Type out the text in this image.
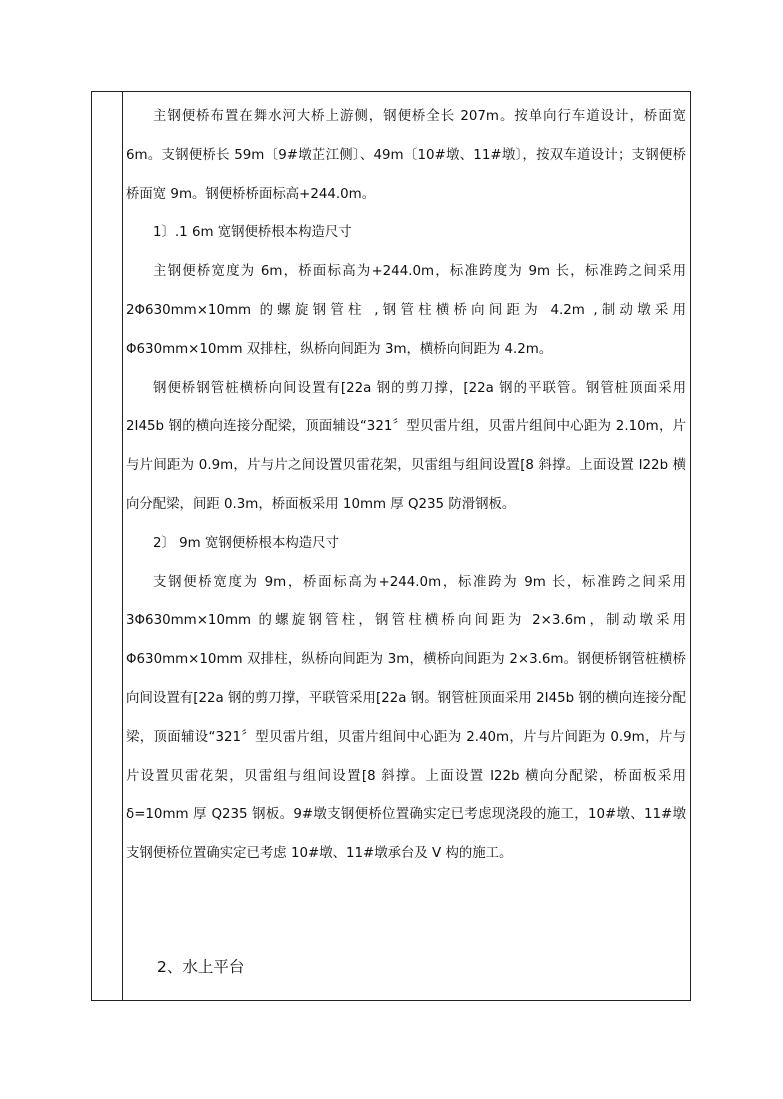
主钢便桥布置在舞水河大桥上游侧，钢便桥全长 207m。按单向行车道设计，桥面宽6m。支钢便桥长 59m〔9#墩芷江侧〕、49m〔10#墩、11#墩〕，按双车道设计；支钢便桥桥面宽 9m。钢便桥桥面标高+244.0m。

1〕.1 6m 宽钢便桥根本构造尺寸

主钢便桥宽度为 6m，桥面标高为+244.0m，标准跨度为 9m 长，标准跨之间采用 2Φ630mm×10mm 的螺旋钢管柱 ,钢管柱横桥向间距为 4.2m ,制动墩采用Φ630mm×10mm 双排柱，纵桥向间距为 3m，横桥向间距为 4.2m。

钢便桥钢管桩横桥向间设置有[22a 钢的剪刀撑，[22a 钢的平联管。钢管桩顶面采用 2I45b 钢的横向连接分配梁，顶面辅设“321〞型贝雷片组，贝雷片组间中心距为 2.10m，片与片间距为 0.9m，片与片之间设置贝雷花架，贝雷组与组间设置[8 斜撑。上面设置 I22b 横向分配梁，间距 0.3m，桥面板采用 10mm 厚 Q235 防滑钢板。

2〕 9m 宽钢便桥根本构造尺寸

支钢便桥宽度为 9m，桥面标高为+244.0m，标准跨为 9m 长，标准跨之间采用 3Φ630mm×10mm 的螺旋钢管柱，钢管柱横桥向间距为 2×3.6m，制动墩采用Φ630mm×10mm 双排柱，纵桥向间距为 3m，横桥向间距为 2×3.6m。钢便桥钢管桩横桥向间设置有[22a 钢的剪刀撑，平联管采用[22a 钢。钢管桩顶面采用 2I45b 钢的横向连接分配梁，顶面辅设“321〞型贝雷片组，贝雷片组间中心距为 2.40m，片与片间距为 0.9m，片与片设置贝雷花架，贝雷组与组间设置[8 斜撑。上面设置 I22b 横向分配梁，桥面板采用δ=10mm 厚 Q235 钢板。9#墩支钢便桥位置确实定已考虑现浇段的施工，10#墩、11#墩支钢便桥位置确实定已考虑 10#墩、11#墩承台及 V 构的施工。

2、水上平台
